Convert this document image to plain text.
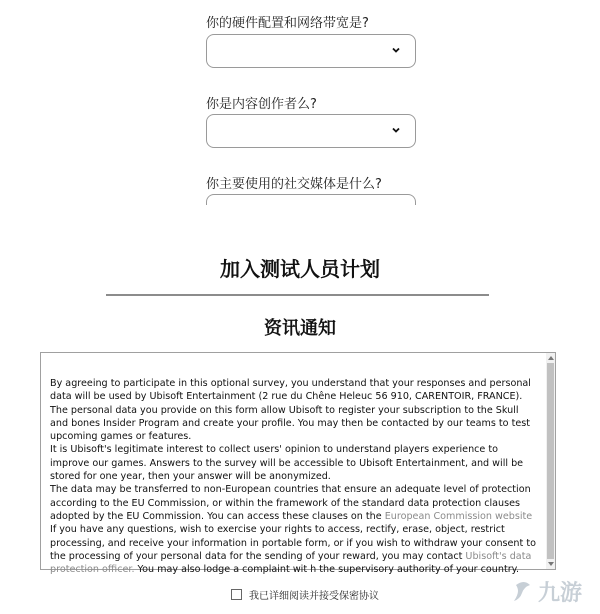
你的硬件配置和网络带宽是?
你是内容创作者么?
你主要使用的社交媒体是什么?
加入测试人员计划
资讯通知

By agreeing to participate in this optional survey, you understand that your responses and personal data will be used by Ubisoft Entertainment (2 rue du Chêne Heleuc 56 910, CARENTOIR, FRANCE). The personal data you provide on this form allow Ubisoft to register your subscription to the Skull and bones Insider Program and create your profile. You may then be contacted by our teams to test upcoming games or features.

It is Ubisoft's legitimate interest to collect users' opinion to understand players experience to improve our games. Answers to the survey will be accessible to Ubisoft Entertainment, and will be stored for one year, then your answer will be anonymized.

The data may be transferred to non-European countries that ensure an adequate level of protection according to the EU Commission, or within the framework of the standard data protection clauses adopted by the EU Commission. You can access these clauses on the European Commission website

If you have any questions, wish to exercise your rights to access, rectify, erase, object, restrict processing, and receive your information in portable form, or if you wish to withdraw your consent to the processing of your personal data for the sending of your reward, you may contact Ubisoft's data protection officer. You may also lodge a complaint wit h the supervisory authority of your country.

我已详细阅读并接受保密协议	九游
